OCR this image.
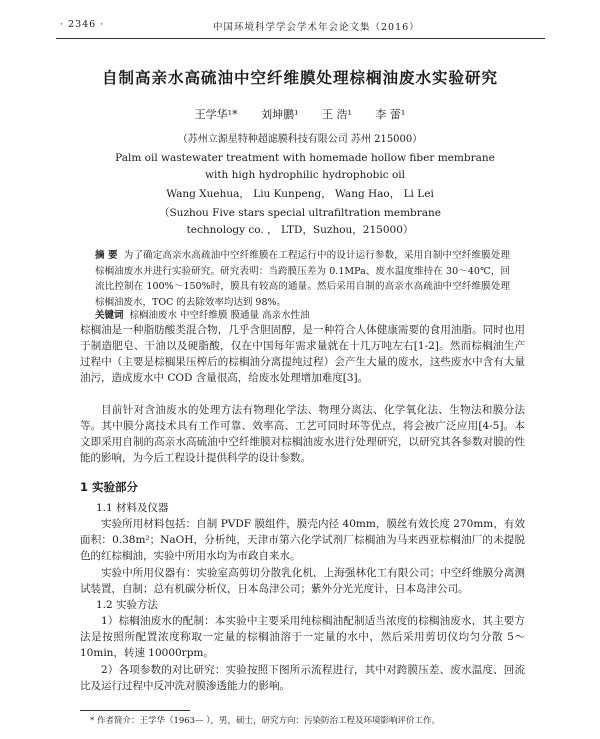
· 2346 ·	中国环境科学学会学术年会论文集（2016）
自制高亲水高硫油中空纤维膜处理棕榈油废水实验研究
王学华¹* 刘坤鹏¹ 王 浩¹ 李 蕾¹
（苏州立源星特种超滤膜科技有限公司 苏州 215000）
Palm oil wastewater treatment with homemade hollow fiber membrane with high hydrophilic hydrophobic oil
Wang Xuehua， Liu Kunpeng， Wang Hao， Li Lei
（Suzhou Five stars special ultrafiltration membrane technology co. ， LTD，Suzhou，215000）
摘 要 为了确定高亲水高疏油中空纤维膜在工程运行中的设计运行参数，采用自制中空纤维膜处理棕榈油废水并进行实验研究。研究表明：当跨膜压差为 0.1MPa、废水温度维持在 30～40℃，回流比控制在 100%～150%时，膜具有较高的通量。然后采用自制的高亲水高疏油中空纤维膜处理棕榈油废水，TOC 的去除效率均达到 98%。
关键词 棕榈油废水 中空纤维膜 膜通量 高亲水性油
棕榈油是一种脂肪酸类混合物，几乎含胆固醇，是一种符合人体健康需要的食用油脂。同时也用于制造肥皂、干油以及硬脂酸，仅在中国每年需求量就在十几万吨左右[1-2]。然而棕榈油生产过程中（主要是棕榈果压榨后的棕榈油分离提纯过程）会产生大量的废水，这些废水中含有大量油污，造成废水中 COD 含量很高，给废水处理增加难度[3]。
目前针对含油废水的处理方法有物理化学法、物理分离法、化学氧化法、生物法和膜分法等。其中膜分离技术具有工作可靠、效率高、工艺可同时环等优点，将会被广泛应用[4-5]。本文即采用自制的高亲水高硫油中空纤维膜对棕榈油废水进行处理研究，以研究其各参数对膜的性能的影响，为今后工程设计提供科学的设计参数。
1 实验部分
1.1 材料及仪器
实验所用材料包括：自制 PVDF 膜组件，膜壳内径 40mm，膜丝有效长度 270mm，有效面积：0.38m²；NaOH，分析纯，天津市第六化学试剂厂棕榈油为马来西亚棕榈油厂的未提脱色的红棕榈油，实验中所用水均为市政自来水。
实验中所用仪器有：实验室高剪切分散乳化机，上海强林化工有限公司；中空纤维膜分离测试装置，自制；总有机碳分析仪，日本岛津公司；紫外分光光度计，日本岛津公司。
1.2 实验方法
1）棕榈油废水的配制：本实验中主要采用纯棕榈油配制适当浓度的棕榈油废水，其主要方法是按照所配置浓度称取一定量的棕榈油溶于一定量的水中，然后采用剪切仪均匀分散 5～10min，转速 10000rpm。
2）各项参数的对比研究：实验按照下图所示流程进行，其中对跨膜压差、废水温度、回流比及运行过程中反冲洗对膜渗透能力的影响。
* 作者简介：王学华（1963— ），男，硕士，研究方向：污染防治工程及环境影响评价工作。
